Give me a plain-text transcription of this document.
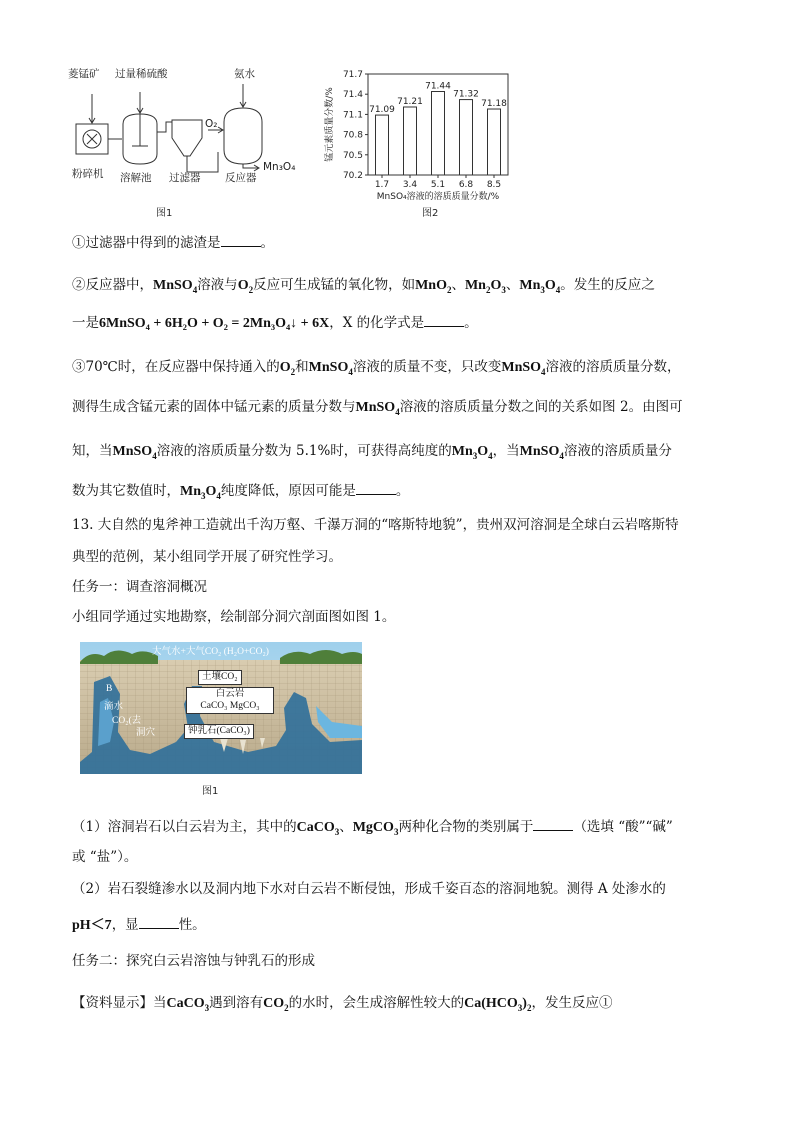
菱锰矿
粉碎机
过量稀硫酸
溶解池 过滤器
氨水
O₂
反应器
Mn₃O₄
图1
71.7
71.4
71.1
70.8
70.5
70.2
71.09
1.7
71.21
3.4
71.44
5.1
71.32
6.8
71.18
8.5
MnSO₄溶液的溶质质量分数/%
锰元素质量分数/%
图2
①过滤器中得到的滤渣是	。
②反应器中，MnSO$_4$溶液与$O_2$反应可生成锰的氧化物，如MnO$_2$、$Mn_2O_3$、$Mn_3O_4$。发生的反应之
一是6MnSO₄ + 6H₂O + O₂ = 2Mn₃O₄↓ + 6X，X 的化学式是	。
③70℃时，在反应器中保持通入的$O_2$和MnSO$_4$溶液的质量不变，只改变MnSO$_4$溶液的溶质质量分数，
测得生成含锰元素的固体中锰元素的质量分数与MnSO$_4$溶液的溶质质量分数之间的关系如图 2。由图可
知，当MnSO$_4$溶液的溶质质量分数为 5.1%时，可获得高纯度的$Mn_3O_4$，当MnSO$_4$溶液的溶质质量分
数为其它数值时，$Mn_3O_4$纯度降低，原因可能是	。
13. 大自然的鬼斧神工造就出千沟万壑、千瀑万洞的“喀斯特地貌”，贵州双河溶洞是全球白云岩喀斯特
典型的范例，某小组同学开展了研究性学习。
任务一：调查溶洞概况
小组同学通过实地勘察，绘制部分洞穴剖面图如图 1。
大气水+大气CO₂ (H₂O+CO₂)
土壤CO₂
白云岩
CaCO₃ MgCO₃
钟乳石(CaCO₃)
B
滴水
CO₂(去
洞穴
图1
（1）溶洞岩石以白云岩为主，其中的CaCO$_3$、MgCO$_3$两种化合物的类别属于	（选填 “酸”“碱”
或 “盐”）。
（2）岩石裂缝渗水以及洞内地下水对白云岩不断侵蚀，形成千姿百态的溶洞地貌。测得 A 处渗水的
pH＜7，显	性。
任务二：探究白云岩溶蚀与钟乳石的形成
【资料显示】当CaCO$_3$遇到溶有$CO_2$的水时，会生成溶解性较大的$Ca(HCO_3)_2$，发生反应①
